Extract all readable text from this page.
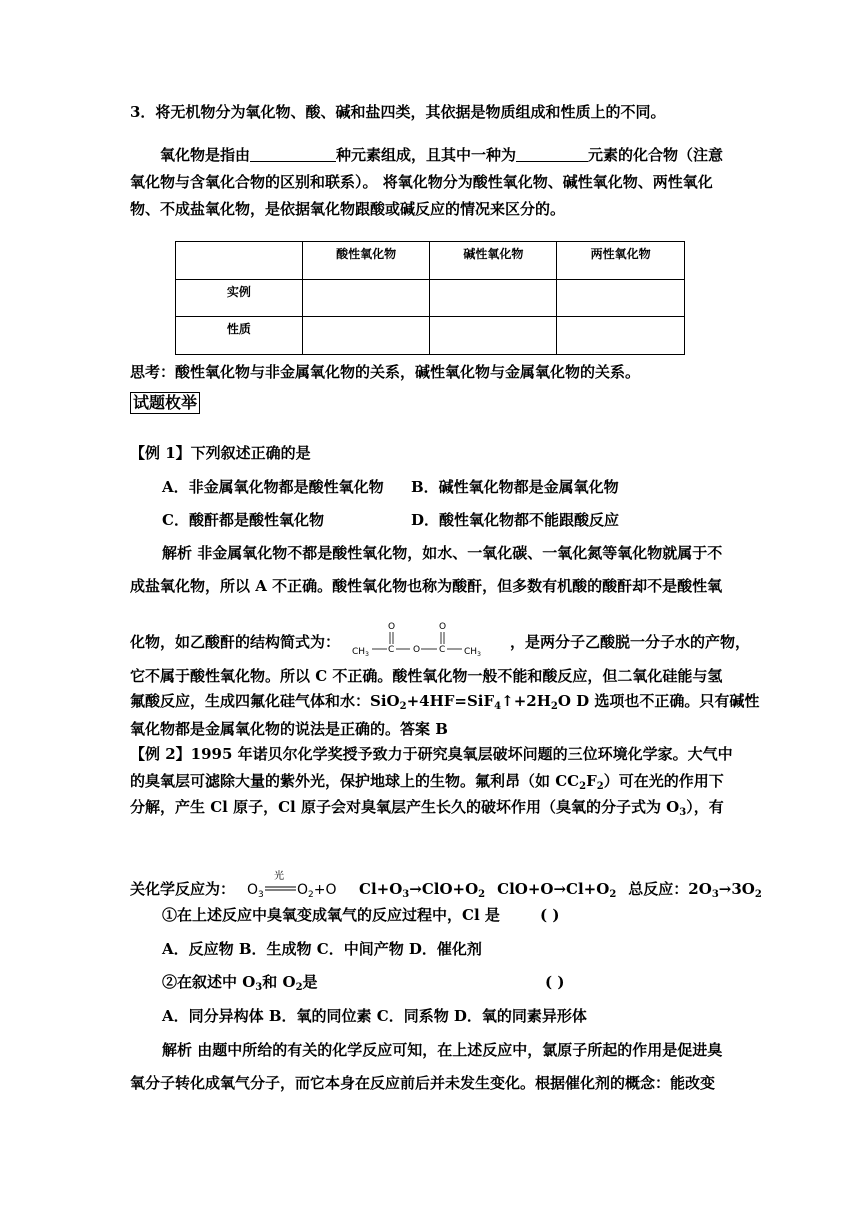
3．将无机物分为氧化物、酸、碱和盐四类，其依据是物质组成和性质上的不同。
氧化物是指由	种元素组成，且其中一种为	元素的化合物（注意
氧化物与含氧化合物的区别和联系）。 将氧化物分为酸性氧化物、碱性氧化物、两性氧化
物、不成盐氧化物，是依据氧化物跟酸或碱反应的情况来区分的。

	酸性氧化物	碱性氧化物	两性氧化物

实例			

性质			

思考：酸性氧化物与非金属氧化物的关系，碱性氧化物与金属氧化物的关系。
试题枚举
【例 1】下列叙述正确的是
A．非金属氧化物都是酸性氧化物 B．碱性氧化物都是金属氧化物
C．酸酐都是酸性氧化物	D．酸性氧化物都不能跟酸反应
解析 非金属氧化物不都是酸性氧化物，如水、一氧化碳、一氧化氮等氧化物就属于不
成盐氧化物，所以 A 不正确。酸性氧化物也称为酸酐，但多数有机酸的酸酐却不是酸性氧
化物，如乙酸酐的结构简式为：
O	O
$CH_3$ C O C $CH_3$
，是两分子乙酸脱一分子水的产物，
它不属于酸性氧化物。所以 C 不正确。酸性氧化物一般不能和酸反应，但二氧化硅能与氢
氟酸反应，生成四氟化硅气体和水：$SiO_2+4HF=SiF_4↑+2H_2O$ D 选项也不正确。只有碱性
氧化物都是金属氧化物的说法是正确的。答案 B
【例 2】1995 年诺贝尔化学奖授予致力于研究臭氧层破坏问题的三位环境化学家。大气中
的臭氧层可滤除大量的紫外光，保护地球上的生物。氟利昂（如 $CC_2F_2$）可在光的作用下
分解，产生 Cl 原子，Cl 原子会对臭氧层产生长久的破坏作用（臭氧的分子式为 $O_3$），有
关化学反应为： $O_3$
光
$O_2+O$ $Cl+O_3\to ClO+O_2$ $ClO+O\to Cl+O_2$ 总反应：$2O_3\to 3O_2$
①在上述反应中臭氧变成氧气的反应过程中，Cl 是	( )
A．反应物 B．生成物 C．中间产物 D．催化剂
②在叙述中 $O_3$和 $O_2$是	( )
A．同分异构体 B．氧的同位素 C．同系物 D．氧的同素异形体
解析 由题中所给的有关的化学反应可知，在上述反应中，氯原子所起的作用是促进臭
氧分子转化成氧气分子，而它本身在反应前后并未发生变化。根据催化剂的概念：能改变
